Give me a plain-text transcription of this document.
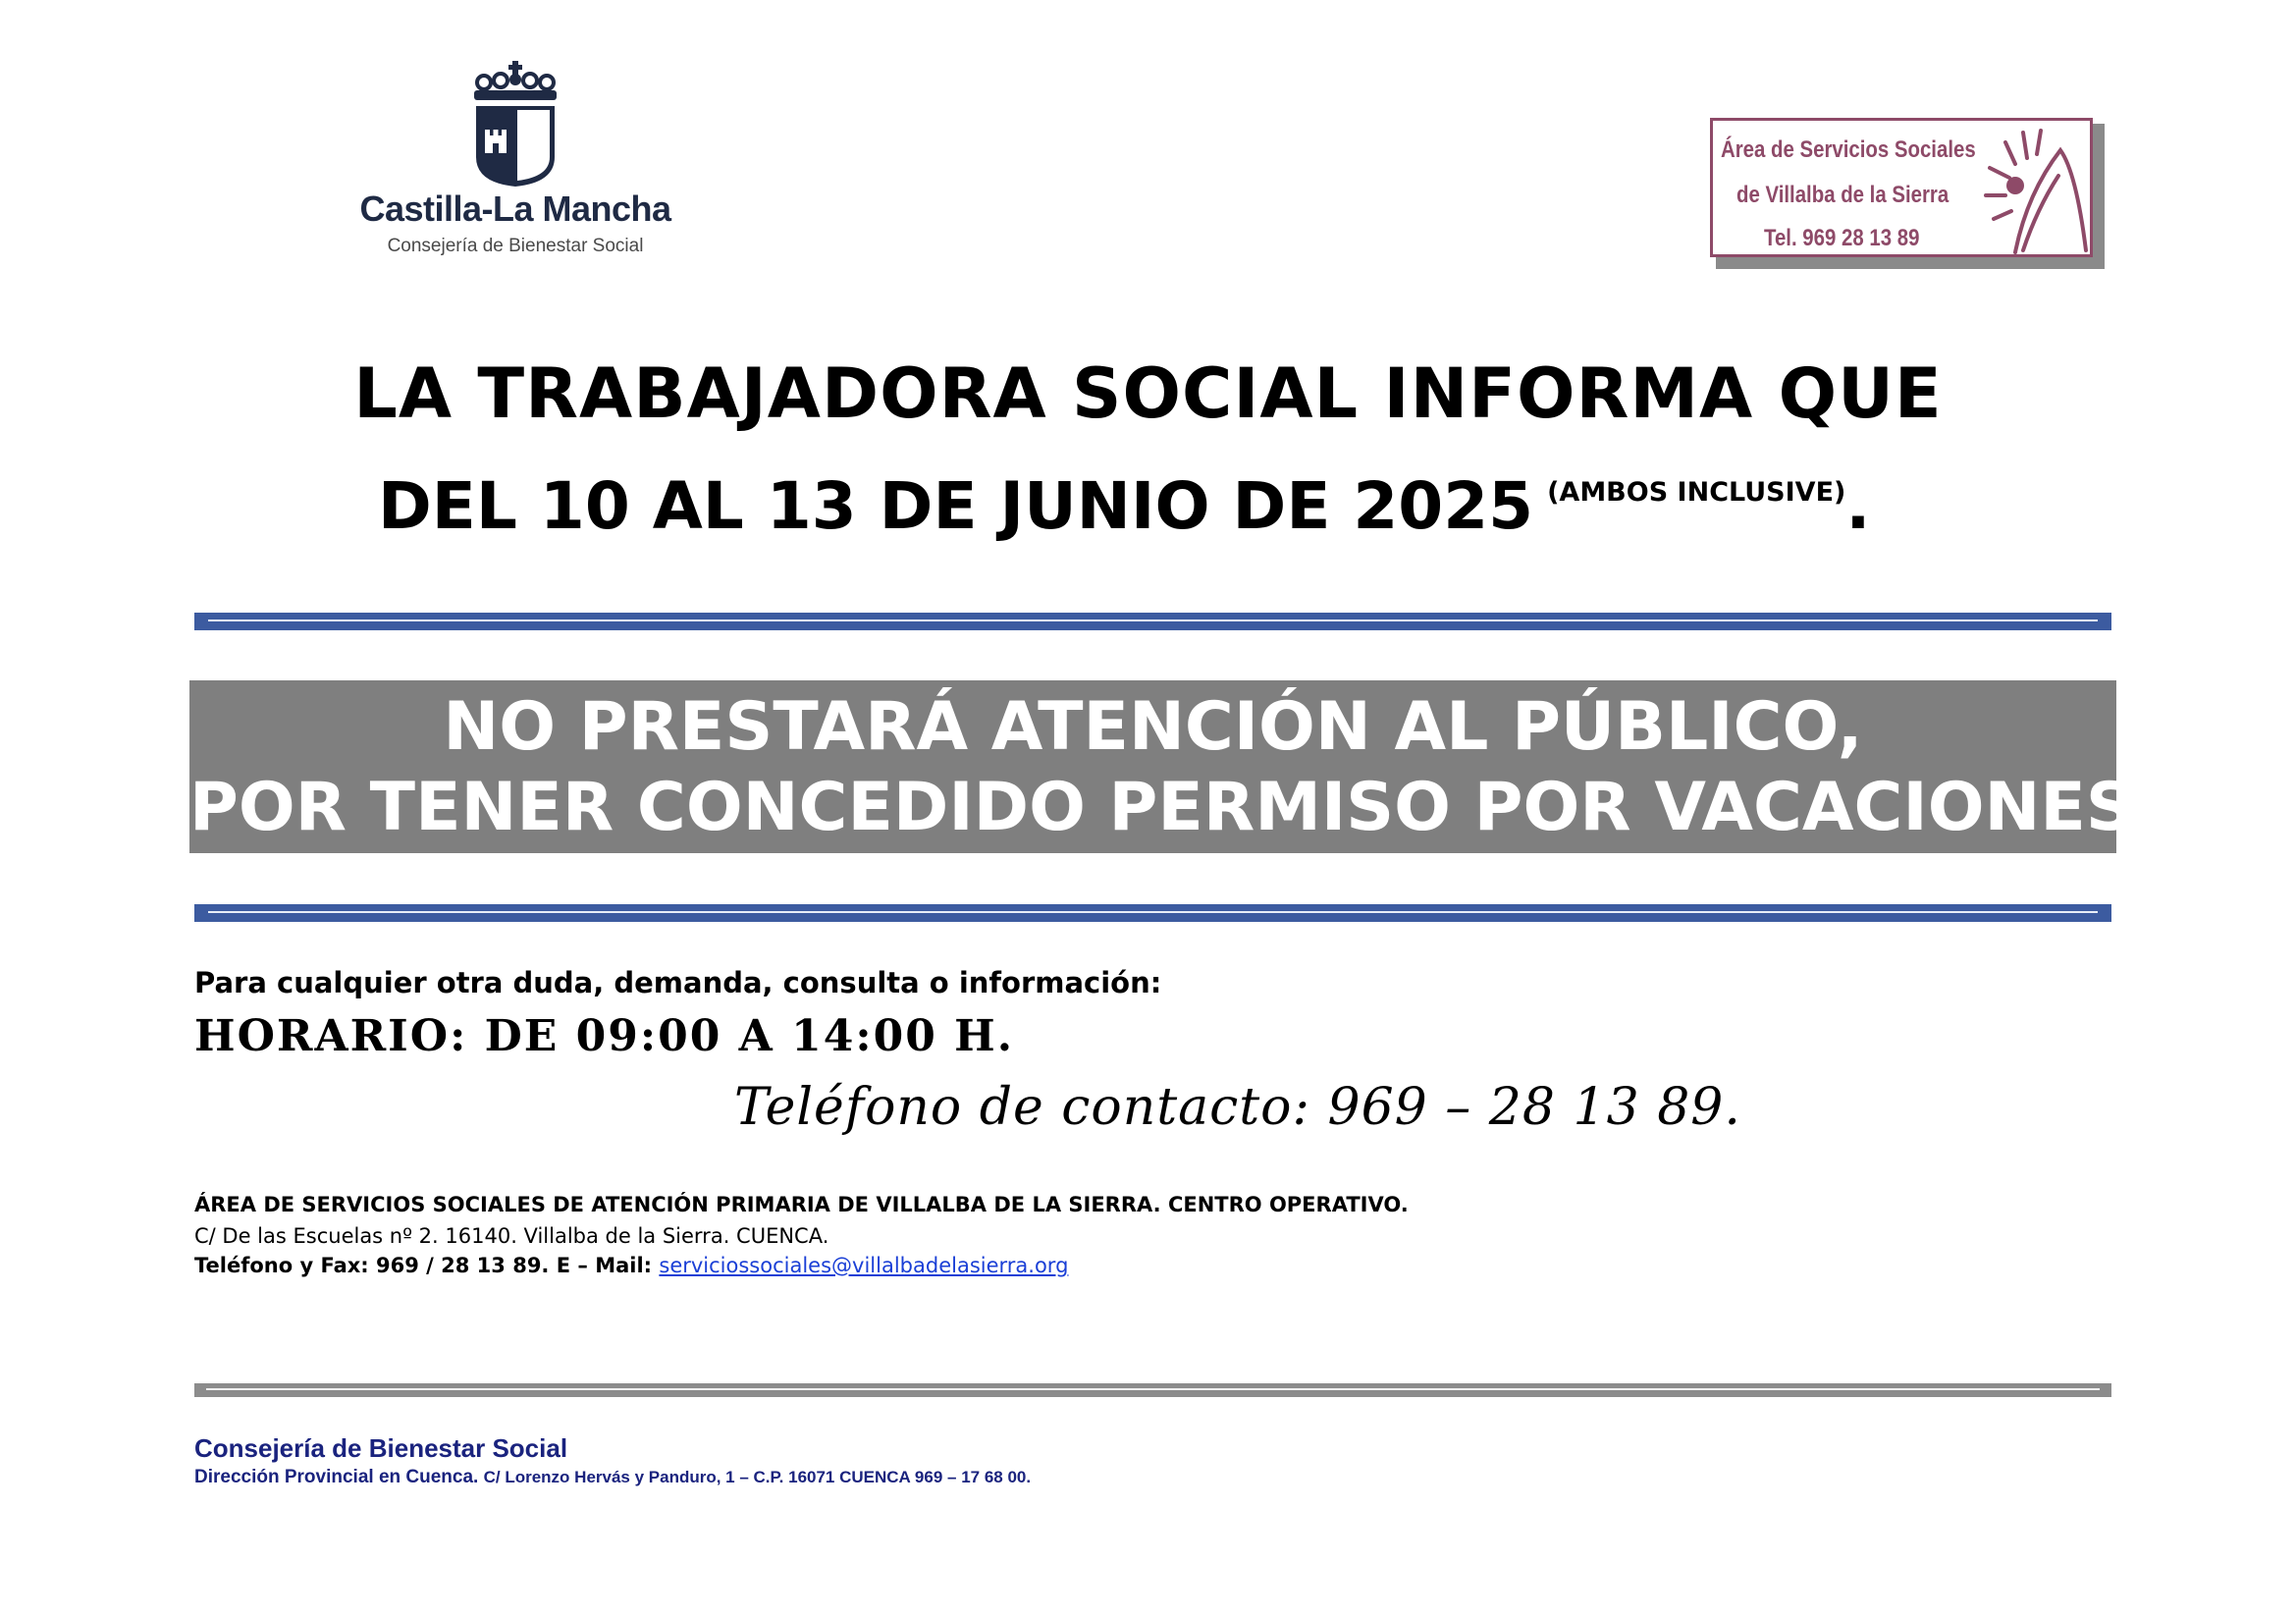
Castilla-La Mancha
Consejería de Bienestar Social
Área de Servicios Sociales
de Villalba de la Sierra
Tel. 969 28 13 89
LA TRABAJADORA SOCIAL INFORMA QUE
DEL 10 AL 13 DE JUNIO DE 2025 $^{(AMBOS INCLUSIVE)}$.
NO PRESTARÁ ATENCIÓN AL PÚBLICO,
POR TENER CONCEDIDO PERMISO POR VACACIONES.
Para cualquier otra duda, demanda, consulta o información:
HORARIO: DE 09:00 A 14:00 H.
Teléfono de contacto: 969 – 28 13 89.
ÁREA DE SERVICIOS SOCIALES DE ATENCIÓN PRIMARIA DE VILLALBA DE LA SIERRA. CENTRO OPERATIVO.
C/ De las Escuelas nº 2. 16140. Villalba de la Sierra. CUENCA.
Teléfono y Fax: 969 / 28 13 89. E – Mail: serviciossociales@villalbadelasierra.org
Consejería de Bienestar Social
Dirección Provincial en Cuenca. C/ Lorenzo Hervás y Panduro, 1 – C.P. 16071 CUENCA 969 – 17 68 00.
